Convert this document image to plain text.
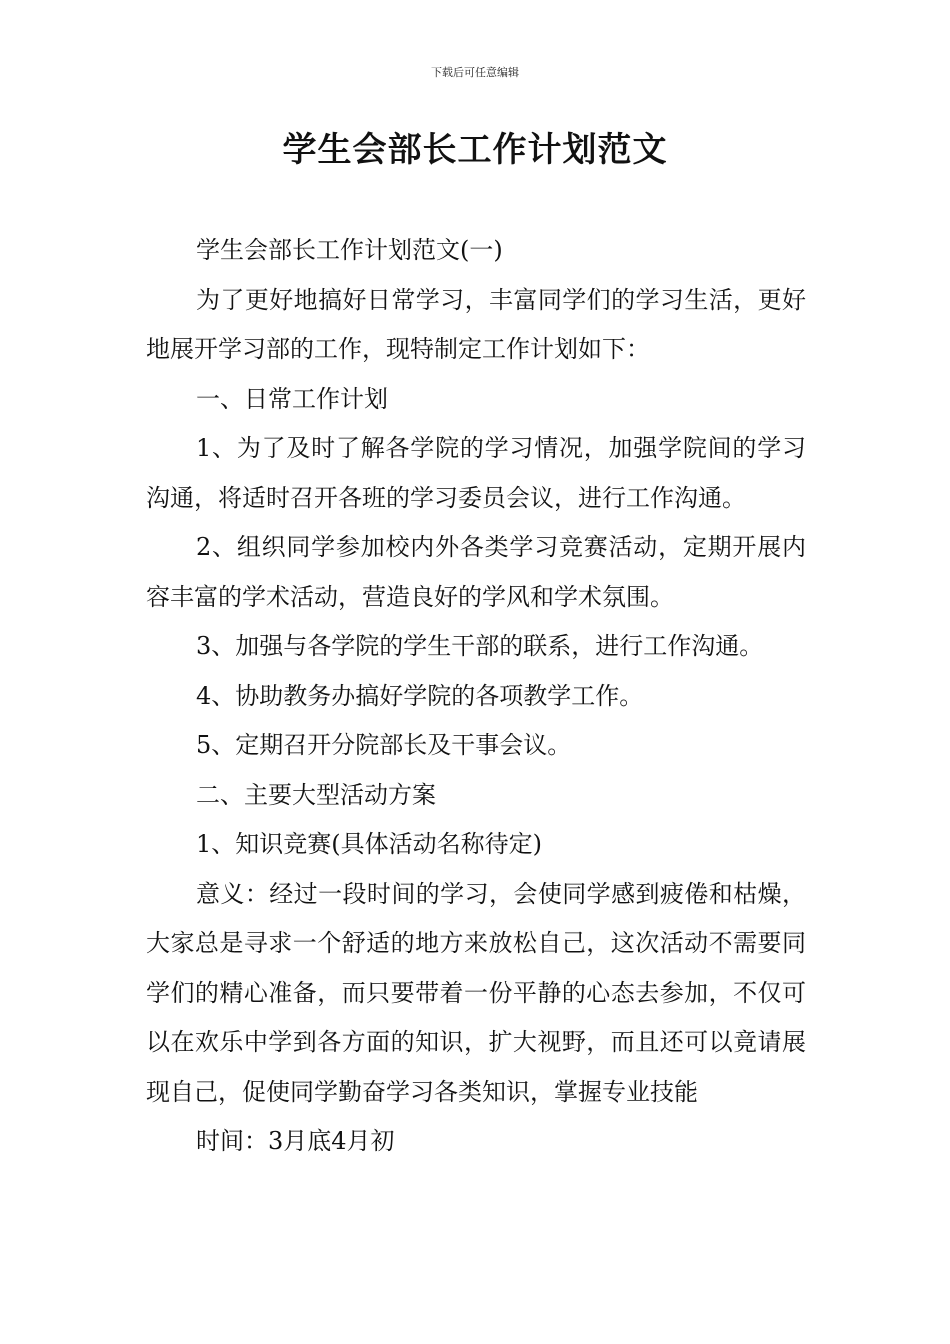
下载后可任意编辑
学生会部长工作计划范文

学生会部长工作计划范文(一)

为了更好地搞好日常学习，丰富同学们的学习生活，更好地展开学习部的工作，现特制定工作计划如下：

一、日常工作计划

1、为了及时了解各学院的学习情况，加强学院间的学习沟通，将适时召开各班的学习委员会议，进行工作沟通。

2、组织同学参加校内外各类学习竞赛活动，定期开展内容丰富的学术活动，营造良好的学风和学术氛围。

3、加强与各学院的学生干部的联系，进行工作沟通。

4、协助教务办搞好学院的各项教学工作。

5、定期召开分院部长及干事会议。

二、主要大型活动方案

1、知识竞赛(具体活动名称待定)

意义：经过一段时间的学习，会使同学感到疲倦和枯燥，大家总是寻求一个舒适的地方来放松自己，这次活动不需要同学们的精心准备，而只要带着一份平静的心态去参加，不仅可以在欢乐中学到各方面的知识，扩大视野，而且还可以竟请展现自己，促使同学勤奋学习各类知识，掌握专业技能

时间：3月底4月初
